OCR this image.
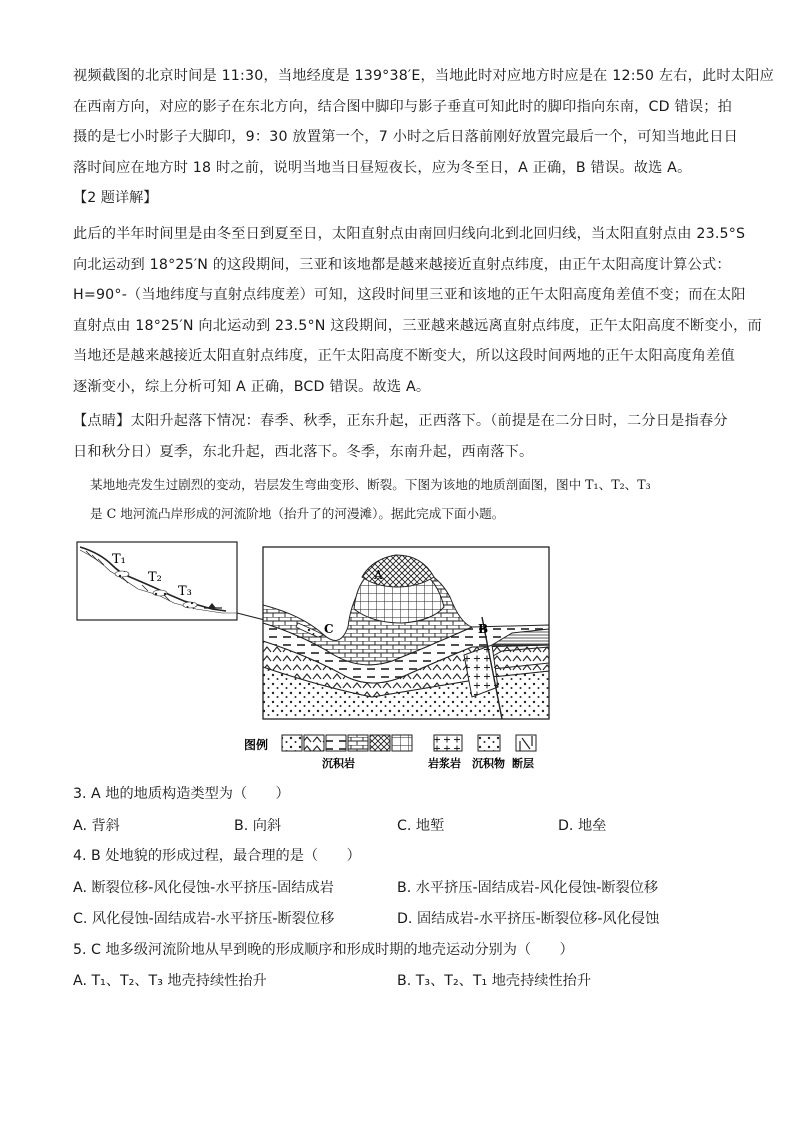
视频截图的北京时间是 11:30，当地经度是 139°38′E，当地此时对应地方时应是在 12:50 左右，此时太阳应
在西南方向，对应的影子在东北方向，结合图中脚印与影子垂直可知此时的脚印指向东南，CD 错误；拍
摄的是七小时影子大脚印，9：30 放置第一个，7 小时之后日落前刚好放置完最后一个，可知当地此日日
落时间应在地方时 18 时之前，说明当地当日昼短夜长，应为冬至日，A 正确，B 错误。故选 A。
【2 题详解】
此后的半年时间里是由冬至日到夏至日，太阳直射点由南回归线向北到北回归线，当太阳直射点由 23.5°S
向北运动到 18°25′N 的这段期间，三亚和该地都是越来越接近直射点纬度，由正午太阳高度计算公式：
H=90°-（当地纬度与直射点纬度差）可知，这段时间里三亚和该地的正午太阳高度角差值不变；而在太阳
直射点由 18°25′N 向北运动到 23.5°N 这段期间，三亚越来越远离直射点纬度，正午太阳高度不断变小，而
当地还是越来越接近太阳直射点纬度，正午太阳高度不断变大，所以这段时间两地的正午太阳高度角差值
逐渐变小，综上分析可知 A 正确，BCD 错误。故选 A。
【点睛】太阳升起落下情况：春季、秋季，正东升起，正西落下。（前提是在二分日时，二分日是指春分
日和秋分日）夏季，东北升起，西北落下。冬季，东南升起，西南落下。
某地地壳发生过剧烈的变动，岩层发生弯曲变形、断裂。下图为该地的地质剖面图，图中 T₁、T₂、T₃
是 C 地河流凸岸形成的河流阶地（抬升了的河漫滩）。据此完成下面小题。
T₁
T₂
T₃
A
B
C
图例
沉积岩	岩浆岩 沉积物 断层
3. A 地的地质构造类型为（　　）
A. 背斜	B. 向斜	C. 地堑	D. 地垒
4. B 处地貌的形成过程，最合理的是（　　）
A. 断裂位移-风化侵蚀-水平挤压-固结成岩	B. 水平挤压-固结成岩-风化侵蚀-断裂位移
C. 风化侵蚀-固结成岩-水平挤压-断裂位移	D. 固结成岩-水平挤压-断裂位移-风化侵蚀
5. C 地多级河流阶地从早到晚的形成顺序和形成时期的地壳运动分别为（　　）
A. T₁、T₂、T₃ 地壳持续性抬升	B. T₃、T₂、T₁ 地壳持续性抬升
